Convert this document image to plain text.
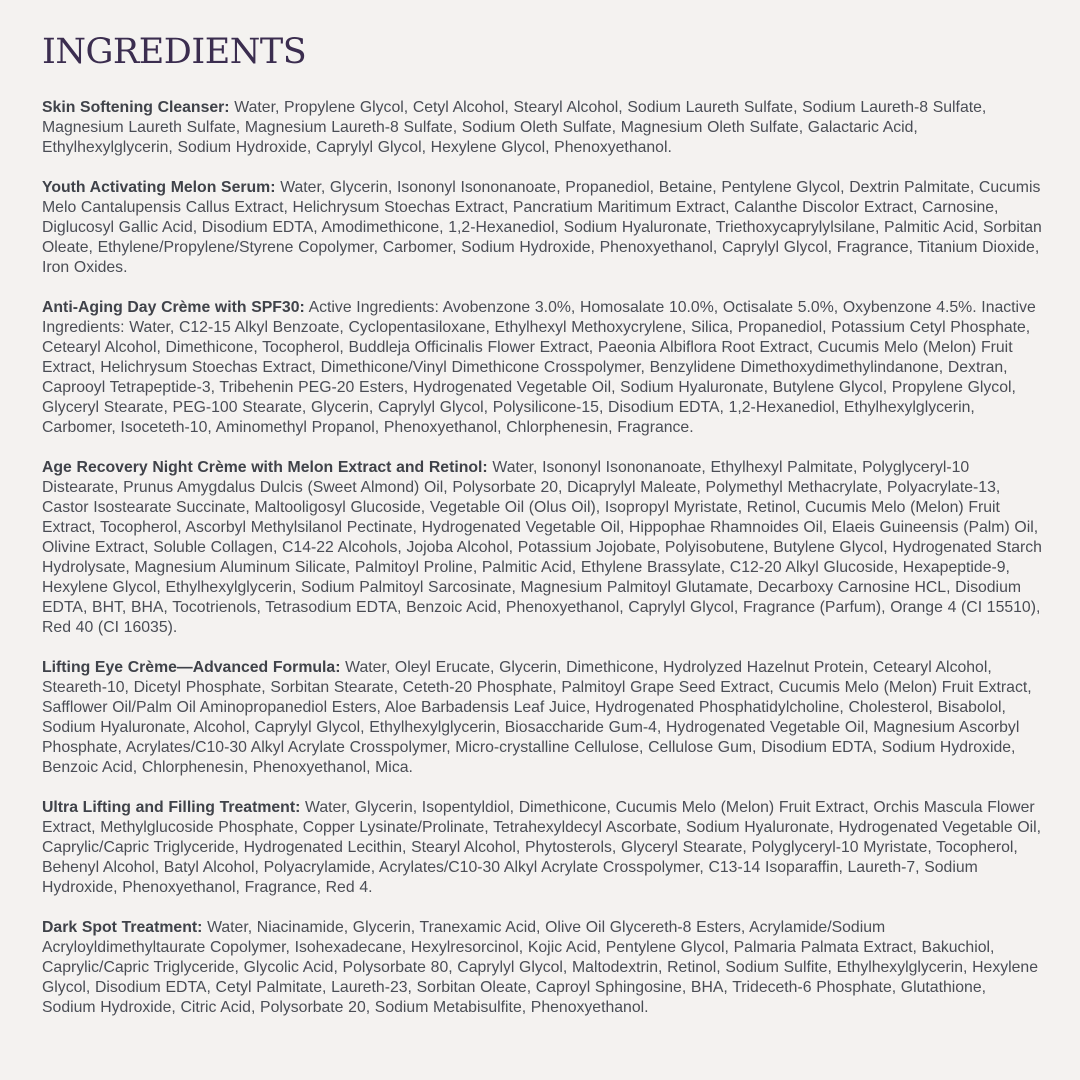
INGREDIENTS

Skin Softening Cleanser: Water, Propylene Glycol, Cetyl Alcohol, Stearyl Alcohol, Sodium Laureth Sulfate, Sodium Laureth-8 Sulfate, Magnesium Laureth Sulfate, Magnesium Laureth-8 Sulfate, Sodium Oleth Sulfate, Magnesium Oleth Sulfate, Galactaric Acid, Ethylhexylglycerin, Sodium Hydroxide, Caprylyl Glycol, Hexylene Glycol, Phenoxyethanol.

Youth Activating Melon Serum: Water, Glycerin, Isononyl Isononanoate, Propanediol, Betaine, Pentylene Glycol, Dextrin Palmitate, Cucumis Melo Cantalupensis Callus Extract, Helichrysum Stoechas Extract, Pancratium Maritimum Extract, Calanthe Discolor Extract, Carnosine, Diglucosyl Gallic Acid, Disodium EDTA, Amodimethicone, 1,2-Hexanediol, Sodium Hyaluronate, Triethoxycaprylylsilane, Palmitic Acid, Sorbitan Oleate, Ethylene/Propylene/Styrene Copolymer, Carbomer, Sodium Hydroxide, Phenoxyethanol, Caprylyl Glycol, Fragrance, Titanium Dioxide, Iron Oxides.

Anti-Aging Day Crème with SPF30: Active Ingredients: Avobenzone 3.0%, Homosalate 10.0%, Octisalate 5.0%, Oxybenzone 4.5%. Inactive Ingredients: Water, C12-15 Alkyl Benzoate, Cyclopentasiloxane, Ethylhexyl Methoxycrylene, Silica, Propanediol, Potassium Cetyl Phosphate, Cetearyl Alcohol, Dimethicone, Tocopherol, Buddleja Officinalis Flower Extract, Paeonia Albiflora Root Extract, Cucumis Melo (Melon) Fruit Extract, Helichrysum Stoechas Extract, Dimethicone/Vinyl Dimethicone Crosspolymer, Benzylidene Dimethoxydimethylindanone, Dextran, Caprooyl Tetrapeptide-3, Tribehenin PEG-20 Esters, Hydrogenated Vegetable Oil, Sodium Hyaluronate, Butylene Glycol, Propylene Glycol, Glyceryl Stearate, PEG-100 Stearate, Glycerin, Caprylyl Glycol, Polysilicone-15, Disodium EDTA, 1,2-Hexanediol, Ethylhexylglycerin, Carbomer, Isoceteth-10, Aminomethyl Propanol, Phenoxyethanol, Chlorphenesin, Fragrance.

Age Recovery Night Crème with Melon Extract and Retinol: Water, Isononyl Isononanoate, Ethylhexyl Palmitate, Polyglyceryl-10 Distearate, Prunus Amygdalus Dulcis (Sweet Almond) Oil, Polysorbate 20, Dicaprylyl Maleate, Polymethyl Methacrylate, Polyacrylate-13, Castor Isostearate Succinate, Maltooligosyl Glucoside, Vegetable Oil (Olus Oil), Isopropyl Myristate, Retinol, Cucumis Melo (Melon) Fruit Extract, Tocopherol, Ascorbyl Methylsilanol Pectinate, Hydrogenated Vegetable Oil, Hippophae Rhamnoides Oil, Elaeis Guineensis (Palm) Oil, Olivine Extract, Soluble Collagen, C14-22 Alcohols, Jojoba Alcohol, Potassium Jojobate, Polyisobutene, Butylene Glycol, Hydrogenated Starch Hydrolysate, Magnesium Aluminum Silicate, Palmitoyl Proline, Palmitic Acid, Ethylene Brassylate, C12-20 Alkyl Glucoside, Hexapeptide-9, Hexylene Glycol, Ethylhexylglycerin, Sodium Palmitoyl Sarcosinate, Magnesium Palmitoyl Glutamate, Decarboxy Carnosine HCL, Disodium EDTA, BHT, BHA, Tocotrienols, Tetrasodium EDTA, Benzoic Acid, Phenoxyethanol, Caprylyl Glycol, Fragrance (Parfum), Orange 4 (CI 15510), Red 40 (CI 16035).

Lifting Eye Crème—Advanced Formula: Water, Oleyl Erucate, Glycerin, Dimethicone, Hydrolyzed Hazelnut Protein, Cetearyl Alcohol, Steareth-10, Dicetyl Phosphate, Sorbitan Stearate, Ceteth-20 Phosphate, Palmitoyl Grape Seed Extract, Cucumis Melo (Melon) Fruit Extract, Safflower Oil/Palm Oil Aminopropanediol Esters, Aloe Barbadensis Leaf Juice, Hydrogenated Phosphatidylcholine, Cholesterol, Bisabolol, Sodium Hyaluronate, Alcohol, Caprylyl Glycol, Ethylhexylglycerin, Biosaccharide Gum-4, Hydrogenated Vegetable Oil, Magnesium Ascorbyl Phosphate, Acrylates/C10-30 Alkyl Acrylate Crosspolymer, Micro-crystalline Cellulose, Cellulose Gum, Disodium EDTA, Sodium Hydroxide, Benzoic Acid, Chlorphenesin, Phenoxyethanol, Mica.

Ultra Lifting and Filling Treatment: Water, Glycerin, Isopentyldiol, Dimethicone, Cucumis Melo (Melon) Fruit Extract, Orchis Mascula Flower Extract, Methylglucoside Phosphate, Copper Lysinate/Prolinate, Tetrahexyldecyl Ascorbate, Sodium Hyaluronate, Hydrogenated Vegetable Oil, Caprylic/Capric Triglyceride, Hydrogenated Lecithin, Stearyl Alcohol, Phytosterols, Glyceryl Stearate, Polyglyceryl-10 Myristate, Tocopherol, Behenyl Alcohol, Batyl Alcohol, Polyacrylamide, Acrylates/C10-30 Alkyl Acrylate Crosspolymer, C13-14 Isoparaffin, Laureth-7, Sodium Hydroxide, Phenoxyethanol, Fragrance, Red 4.

Dark Spot Treatment: Water, Niacinamide, Glycerin, Tranexamic Acid, Olive Oil Glycereth-8 Esters, Acrylamide/Sodium Acryloyldimethyltaurate Copolymer, Isohexadecane, Hexylresorcinol, Kojic Acid, Pentylene Glycol, Palmaria Palmata Extract, Bakuchiol, Caprylic/Capric Triglyceride, Glycolic Acid, Polysorbate 80, Caprylyl Glycol, Maltodextrin, Retinol, Sodium Sulfite, Ethylhexylglycerin, Hexylene Glycol, Disodium EDTA, Cetyl Palmitate, Laureth-23, Sorbitan Oleate, Caproyl Sphingosine, BHA, Trideceth-6 Phosphate, Glutathione, Sodium Hydroxide, Citric Acid, Polysorbate 20, Sodium Metabisulfite, Phenoxyethanol.
